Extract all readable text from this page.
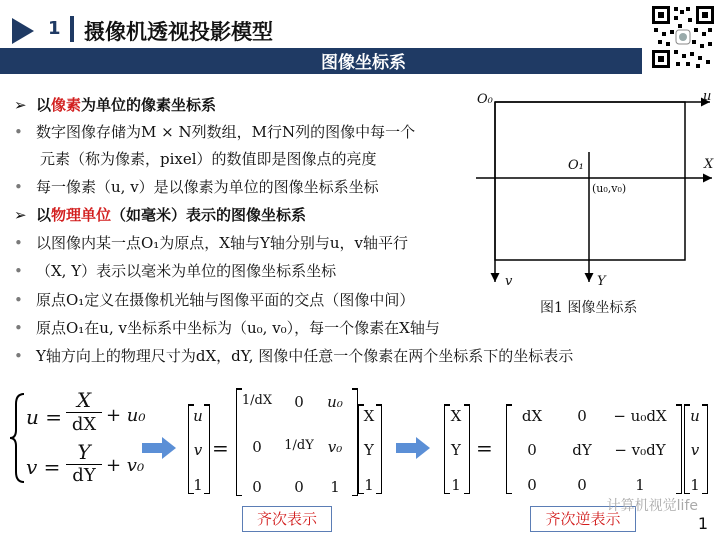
1 摄像机透视投影模型
图像坐标系
➢ 以像素为单位的像素坐标系
• 数字图像存储为M × N列数组，M行N列的图像中每一个
元素（称为像素，pixel）的数值即是图像点的亮度
• 每一像素（u, v）是以像素为单位的图像坐标系坐标
➢ 以物理单位（如毫米）表示的图像坐标系
• 以图像内某一点O₁为原点，X轴与Y轴分别与u，v轴平行
• （X, Y）表示以毫米为单位的图像坐标系坐标
• 原点O₁定义在摄像机光轴与图像平面的交点（图像中间）
• 原点O₁在u, v坐标系中坐标为（u₀, v₀），每一个像素在X轴与
• Y轴方向上的物理尺寸为dX，dY, 图像中任意一个像素在两个坐标系下的坐标表示
O₀	u
O₁	X
(u₀,v₀)
Y
v
图1 图像坐标系
u =
X
dX + u₀
v =
Y
dY + v₀
u
v
1
=
1/dX	0	u₀
0	1/dY v₀
0	0	1
X
Y
1
X
Y
1
=
dX	0	− u₀dX
0	dY	− v₀dY
0	0	1
u
v
1
齐次表示	齐次逆表示
计算机视觉life
1
